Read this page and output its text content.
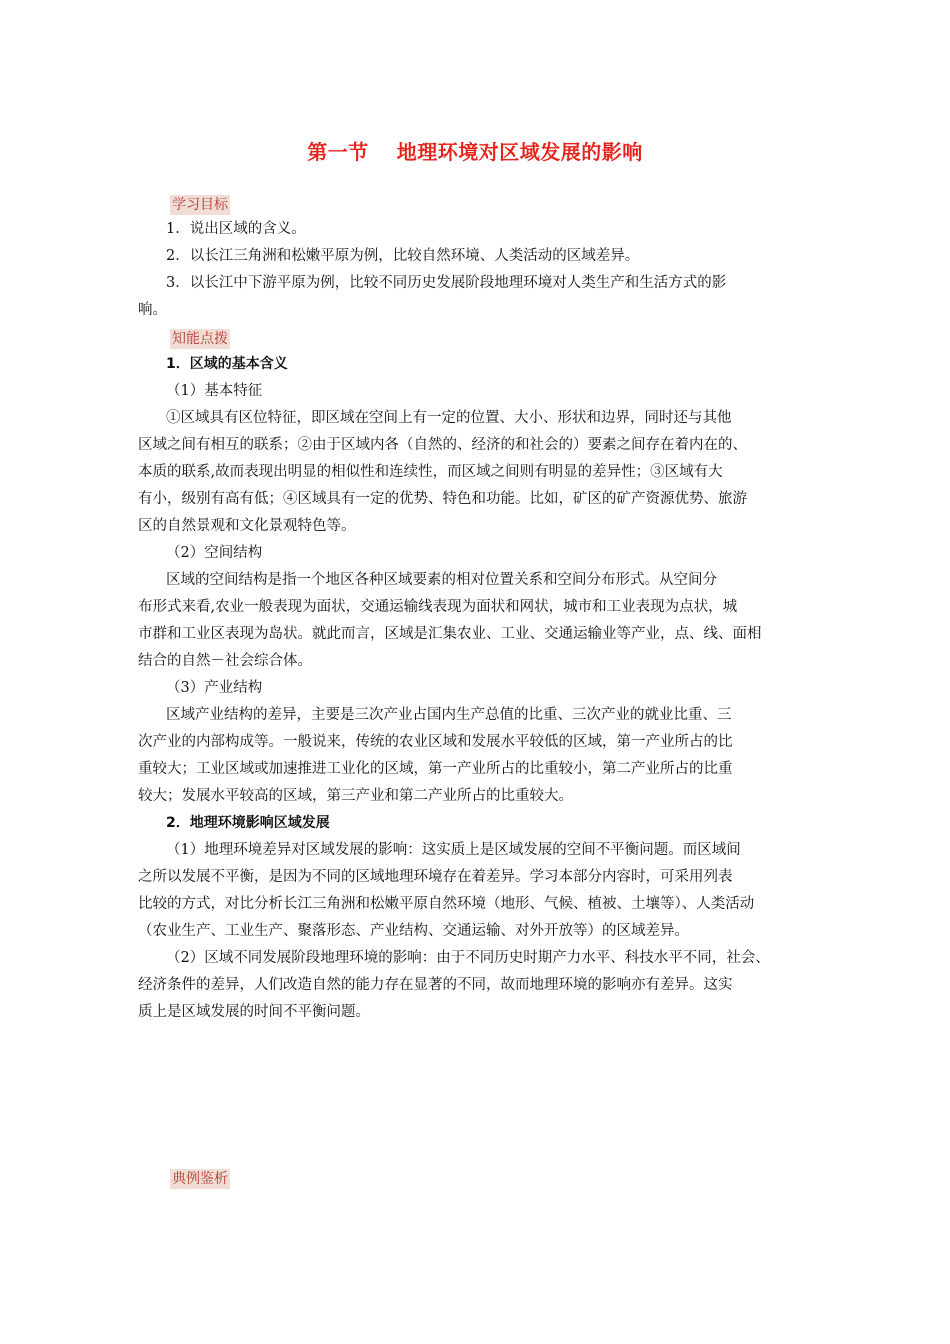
第一节 地理环境对区域发展的影响
学习目标
1．说出区域的含义。
2．以长江三角洲和松嫩平原为例，比较自然环境、人类活动的区域差异。
3．以长江中下游平原为例，比较不同历史发展阶段地理环境对人类生产和生活方式的影
响。
知能点拨
1．区域的基本含义
（1）基本特征
①区域具有区位特征，即区域在空间上有一定的位置、大小、形状和边界，同时还与其他
区域之间有相互的联系；②由于区域内各（自然的、经济的和社会的）要素之间存在着内在的、
本质的联系,故而表现出明显的相似性和连续性，而区域之间则有明显的差异性；③区域有大
有小，级别有高有低；④区域具有一定的优势、特色和功能。比如，矿区的矿产资源优势、旅游
区的自然景观和文化景观特色等。
（2）空间结构
区域的空间结构是指一个地区各种区域要素的相对位置关系和空间分布形式。从空间分
布形式来看,农业一般表现为面状，交通运输线表现为面状和网状，城市和工业表现为点状，城
市群和工业区表现为岛状。就此而言，区域是汇集农业、工业、交通运输业等产业，点、线、面相
结合的自然－社会综合体。
（3）产业结构
区域产业结构的差异，主要是三次产业占国内生产总值的比重、三次产业的就业比重、三
次产业的内部构成等。一般说来，传统的农业区域和发展水平较低的区域，第一产业所占的比
重较大；工业区域或加速推进工业化的区域，第一产业所占的比重较小，第二产业所占的比重
较大；发展水平较高的区域，第三产业和第二产业所占的比重较大。
2．地理环境影响区域发展
（1）地理环境差异对区域发展的影响：这实质上是区域发展的空间不平衡问题。而区域间
之所以发展不平衡，是因为不同的区域地理环境存在着差异。学习本部分内容时，可采用列表
比较的方式，对比分析长江三角洲和松嫩平原自然环境（地形、气候、植被、土壤等）、人类活动
（农业生产、工业生产、聚落形态、产业结构、交通运输、对外开放等）的区域差异。
（2）区域不同发展阶段地理环境的影响：由于不同历史时期产力水平、科技水平不同，社会、
经济条件的差异，人们改造自然的能力存在显著的不同，故而地理环境的影响亦有差异。这实
质上是区域发展的时间不平衡问题。
典例鉴析
